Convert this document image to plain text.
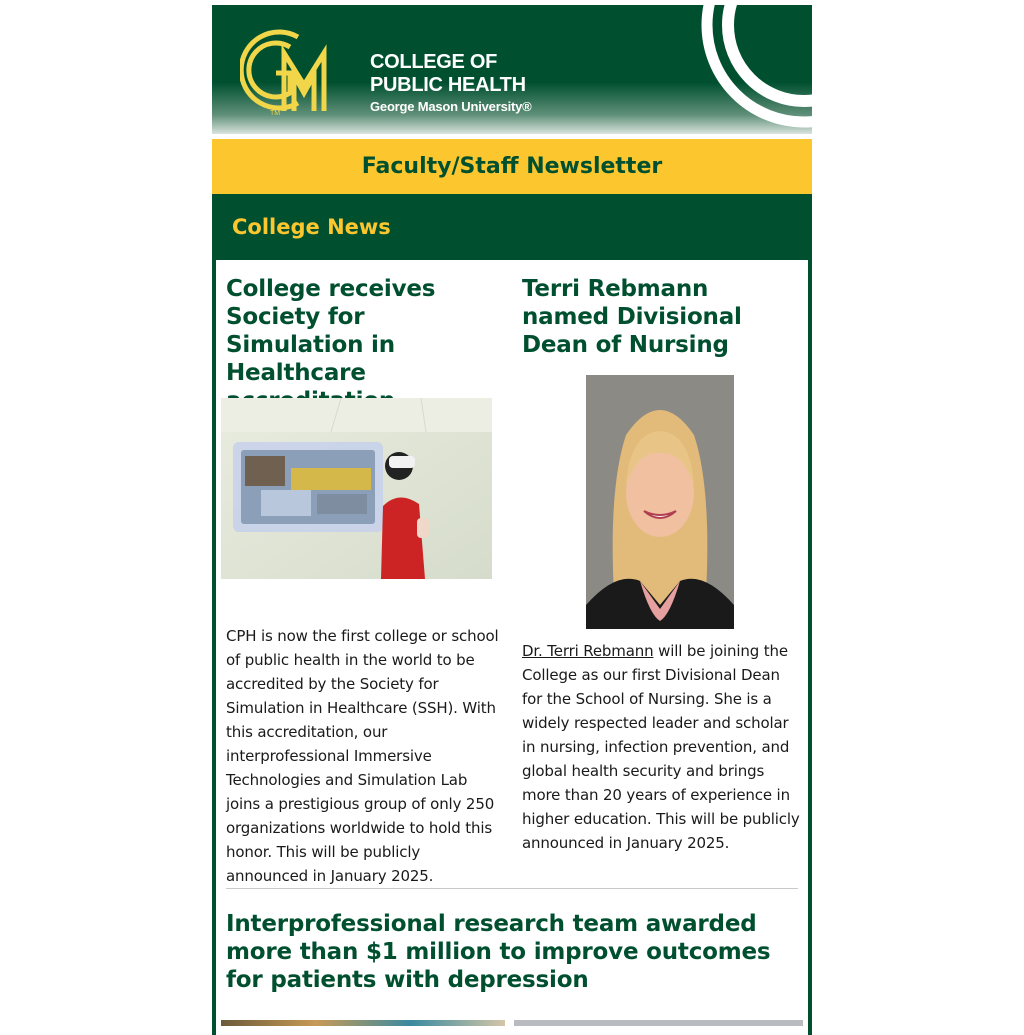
TM
COLLEGE OF
PUBLIC HEALTH
George Mason University®
Faculty/Staff Newsletter
College News
College receives Society for Simulation in Healthcare
CPH is now the first college or school of public health in the world to be accredited by the Society for Simulation in Healthcare (SSH). With this accreditation, our interprofessional Immersive Technologies and Simulation Lab joins a prestigious group of only 250 organizations worldwide to hold this honor. This will be publicly announced in January 2025.
Terri Rebmann named Divisional Dean of Nursing
Dr. Terri Rebmann will be joining the College as our first Divisional Dean for the School of Nursing. She is a widely respected leader and scholar in nursing, infection prevention, and global health security and brings more than 20 years of experience in higher education. This will be publicly announced in January 2025.
Interprofessional research team awarded more than $1 million to improve outcomes for patients with depression
